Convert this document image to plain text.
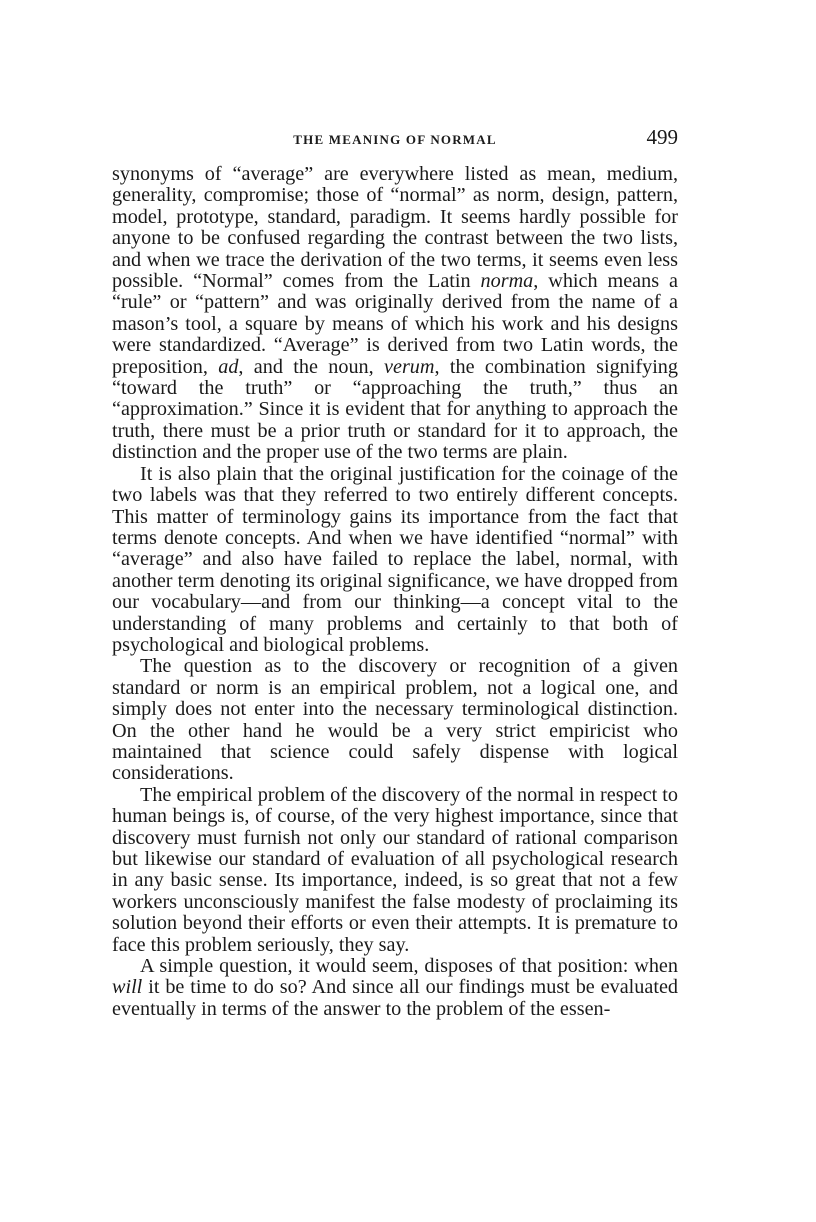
THE MEANING OF NORMAL	499

synonyms of “average” are everywhere listed as mean, medium, generality, compromise; those of “normal” as norm, design, pattern, model, prototype, standard, paradigm. It seems hardly possible for anyone to be confused regarding the contrast between the two lists, and when we trace the derivation of the two terms, it seems even less possible. “Normal” comes from the Latin norma, which means a “rule” or “pattern” and was originally derived from the name of a mason’s tool, a square by means of which his work and his designs were standardized. “Average” is derived from two Latin words, the preposition, ad, and the noun, verum, the combination signifying “toward the truth” or “approaching the truth,” thus an “approximation.” Since it is evident that for anything to approach the truth, there must be a prior truth or standard for it to approach, the distinction and the proper use of the two terms are plain.

It is also plain that the original justification for the coinage of the two labels was that they referred to two entirely different concepts. This matter of terminology gains its importance from the fact that terms denote concepts. And when we have identified “normal” with “average” and also have failed to replace the label, normal, with another term denoting its original significance, we have dropped from our vocabulary—and from our thinking—a concept vital to the understanding of many problems and certainly to that both of psychological and biological problems.

The question as to the discovery or recognition of a given standard or norm is an empirical problem, not a logical one, and simply does not enter into the necessary terminological distinction. On the other hand he would be a very strict empiricist who maintained that science could safely dispense with logical considerations.

The empirical problem of the discovery of the normal in respect to human beings is, of course, of the very highest importance, since that discovery must furnish not only our standard of rational comparison but likewise our standard of evaluation of all psychological research in any basic sense. Its importance, indeed, is so great that not a few workers unconsciously manifest the false modesty of proclaiming its solution beyond their efforts or even their attempts. It is premature to face this problem seriously, they say.

A simple question, it would seem, disposes of that position: when will it be time to do so? And since all our findings must be evaluated eventually in terms of the answer to the problem of the essen-
